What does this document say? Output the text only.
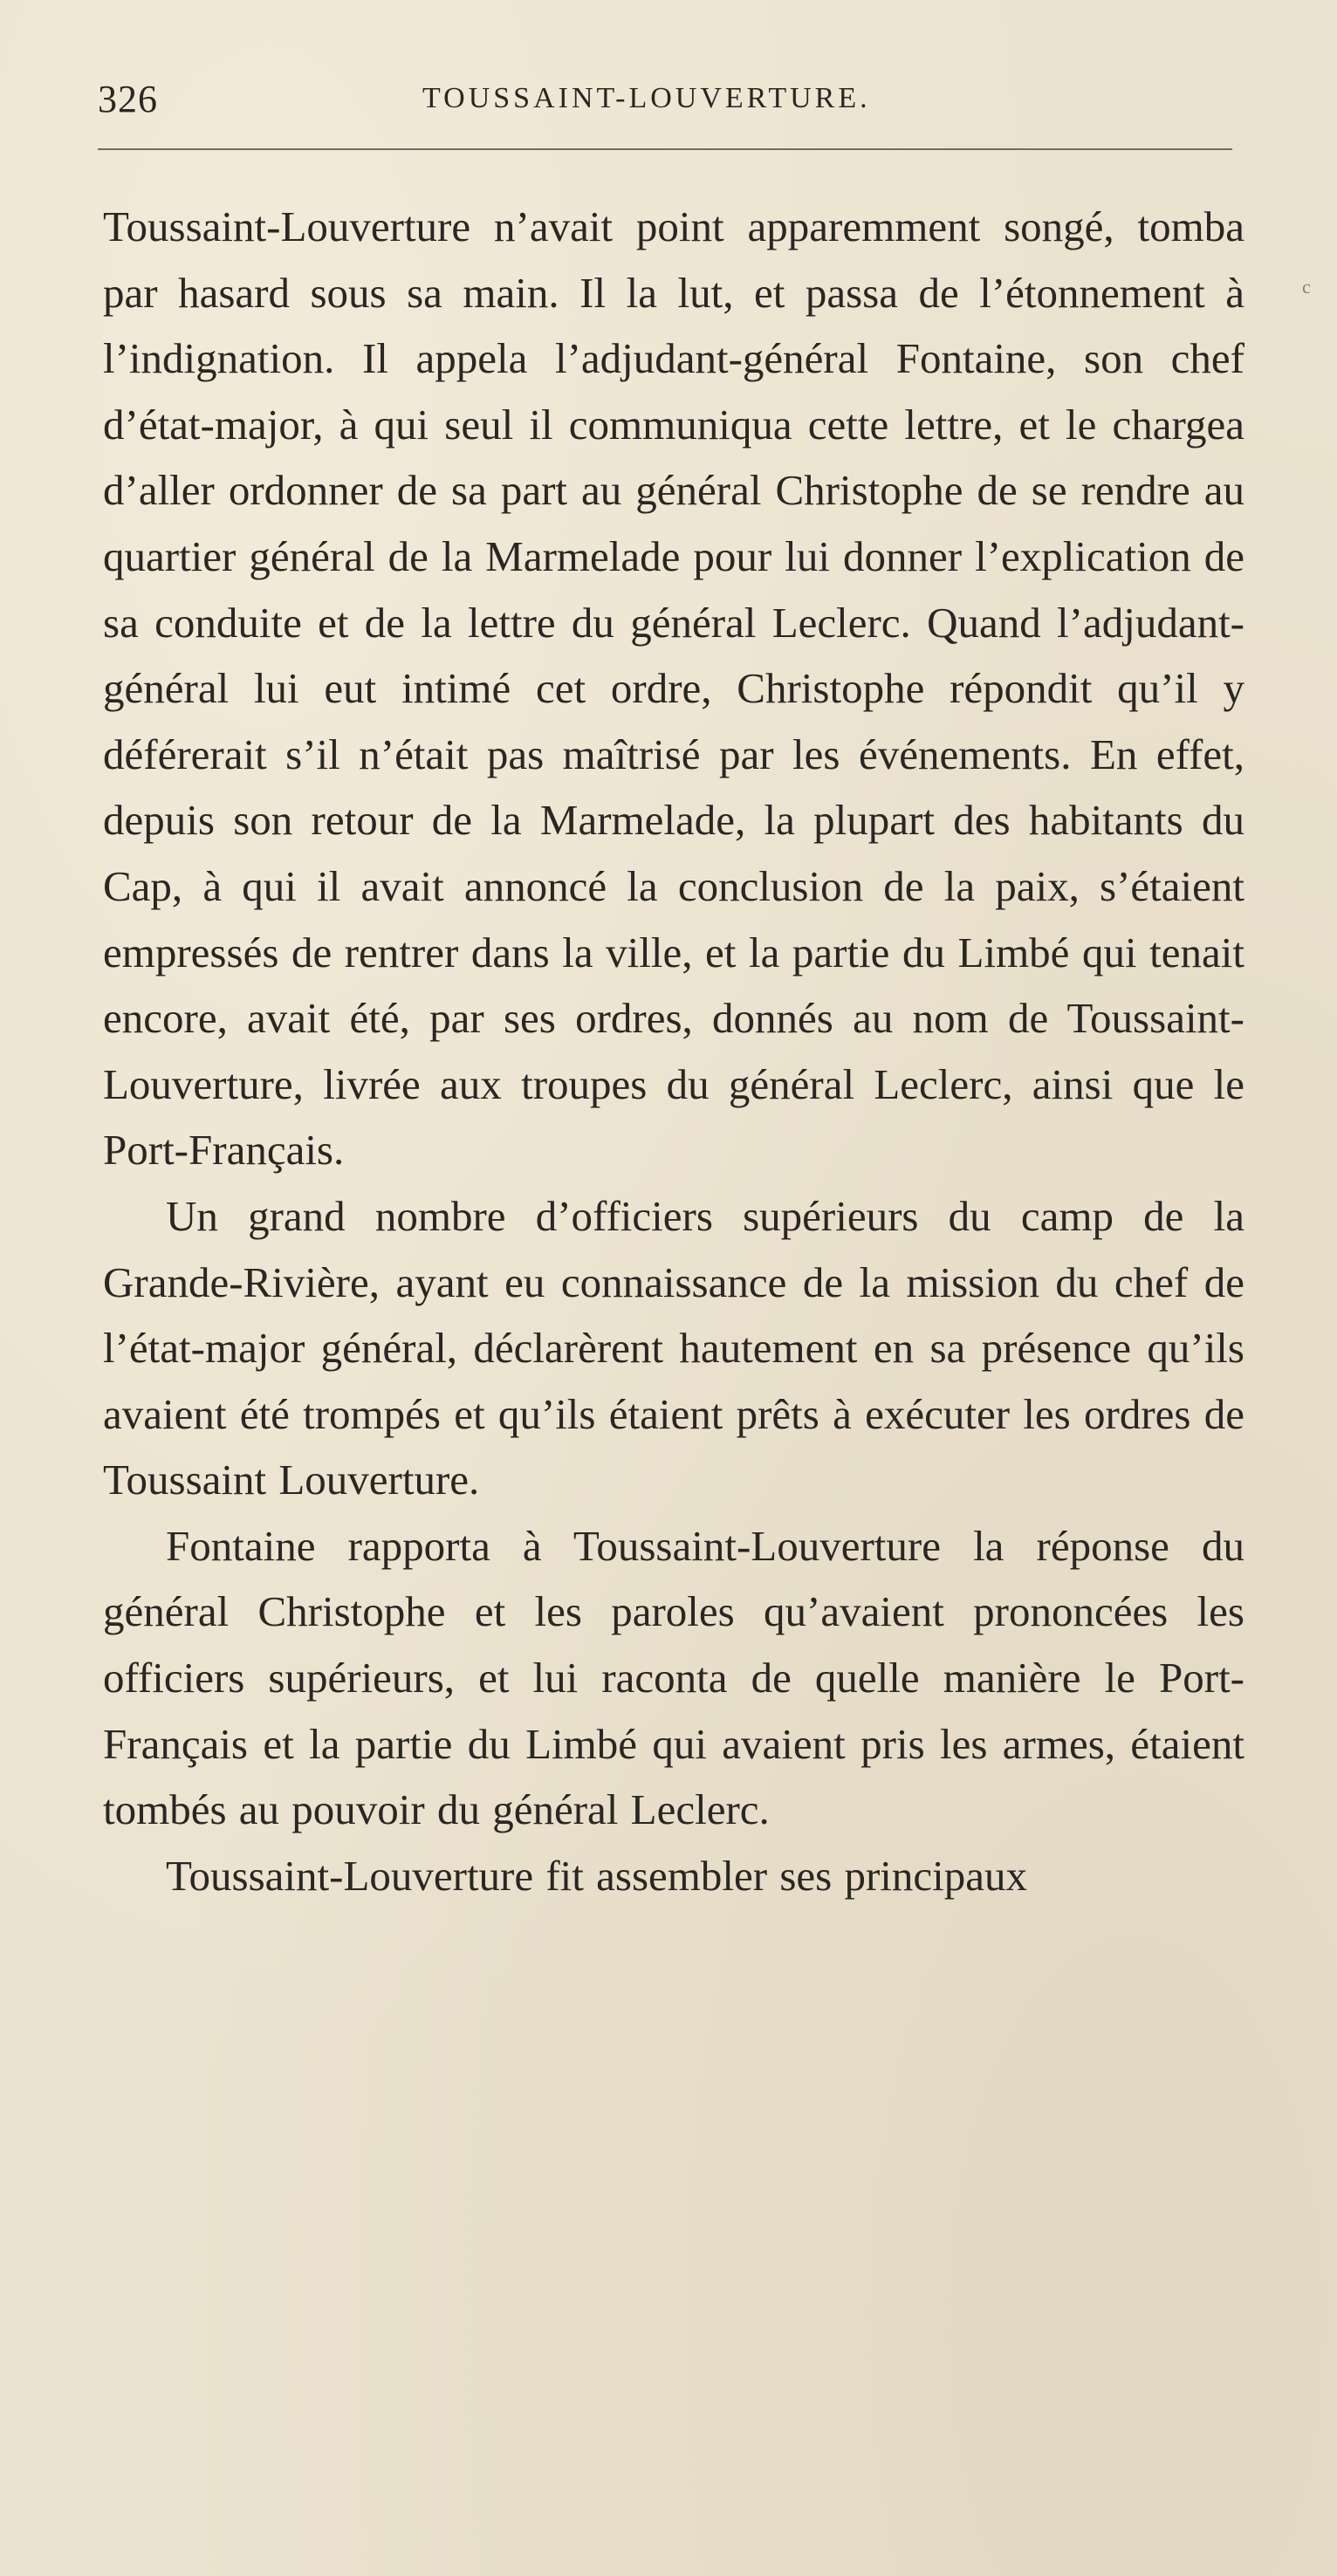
326	TOUSSAINT-LOUVERTURE.
c

Toussaint-Louverture n’avait point apparemment songé, tomba par hasard sous sa main. Il la lut, et passa de l’étonnement à l’indignation. Il appela l’adjudant-général Fontaine, son chef d’état-major, à qui seul il communiqua cette lettre, et le chargea d’aller ordonner de sa part au général Christophe de se rendre au quartier général de la Marmelade pour lui donner l’explication de sa conduite et de la lettre du général Leclerc. Quand l’adjudant-général lui eut intimé cet ordre, Christophe répondit qu’il y déférerait s’il n’était pas maîtrisé par les événements. En effet, depuis son retour de la Marmelade, la plupart des habitants du Cap, à qui il avait annoncé la conclusion de la paix, s’étaient empressés de rentrer dans la ville, et la partie du Limbé qui tenait encore, avait été, par ses ordres, donnés au nom de Toussaint-Louverture, livrée aux troupes du général Leclerc, ainsi que le Port-Français.

Un grand nombre d’officiers supérieurs du camp de la Grande-Rivière, ayant eu connaissance de la mission du chef de l’état-major général, déclarèrent hautement en sa présence qu’ils avaient été trompés et qu’ils étaient prêts à exécuter les ordres de Toussaint Louverture.

Fontaine rapporta à Toussaint-Louverture la réponse du général Christophe et les paroles qu’avaient prononcées les officiers supérieurs, et lui raconta de quelle manière le Port-Français et la partie du Limbé qui avaient pris les armes, étaient tombés au pouvoir du général Leclerc.

Toussaint-Louverture fit assembler ses principaux
